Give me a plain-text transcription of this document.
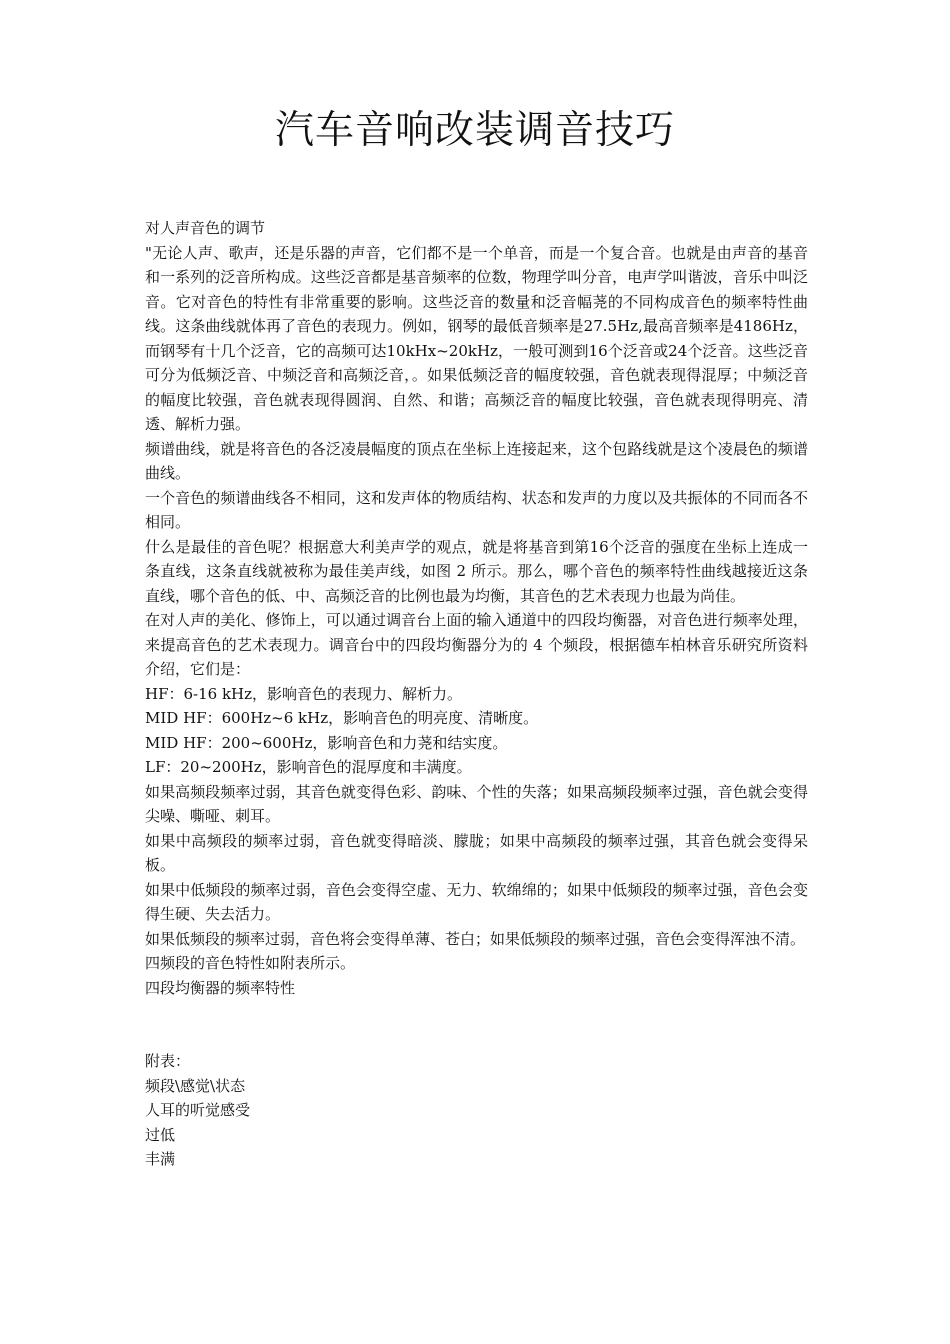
汽车音响改装调音技巧

对人声音色的调节

"无论人声、歌声，还是乐器的声音，它们都不是一个单音，而是一个复合音。也就是由声音的基音和一系列的泛音所构成。这些泛音都是基音频率的位数，物理学叫分音，电声学叫谐波，音乐中叫泛音。它对音色的特性有非常重要的影响。这些泛音的数量和泛音幅荛的不同构成音色的频率特性曲线。这条曲线就体再了音色的表现力。例如，钢琴的最低音频率是27.5Hz,最高音频率是4186Hz，而钢琴有十几个泛音，它的高频可达10kHx~20kHz，一般可测到16个泛音或24个泛音。这些泛音可分为低频泛音、中频泛音和高频泛音，。如果低频泛音的幅度较强，音色就表现得混厚；中频泛音的幅度比较强，音色就表现得圆润、自然、和谐；高频泛音的幅度比较强，音色就表现得明亮、清透、解析力强。

频谱曲线，就是将音色的各泛凌晨幅度的顶点在坐标上连接起来，这个包路线就是这个凌晨色的频谱曲线。

一个音色的频谱曲线各不相同，这和发声体的物质结构、状态和发声的力度以及共振体的不同而各不相同。

什么是最佳的音色呢？根据意大利美声学的观点，就是将基音到第16个泛音的强度在坐标上连成一条直线，这条直线就被称为最佳美声线，如图 2 所示。那么，哪个音色的频率特性曲线越接近这条直线，哪个音色的低、中、高频泛音的比例也最为均衡，其音色的艺术表现力也最为尚佳。

在对人声的美化、修饰上，可以通过调音台上面的输入通道中的四段均衡器，对音色进行频率处理，来提高音色的艺术表现力。调音台中的四段均衡器分为的 4 个频段，根据德车柏林音乐研究所资料介绍，它们是：

HF：6-16 kHz，影响音色的表现力、解析力。

MID HF：600Hz~6 kHz，影响音色的明亮度、清晰度。

MID HF：200~600Hz，影响音色和力荛和结实度。

LF：20~200Hz，影响音色的混厚度和丰满度。

如果高频段频率过弱，其音色就变得色彩、韵味、个性的失落；如果高频段频率过强，音色就会变得尖噪、嘶哑、刺耳。

如果中高频段的频率过弱，音色就变得暗淡、朦胧；如果中高频段的频率过强，其音色就会变得呆板。

如果中低频段的频率过弱，音色会变得空虚、无力、软绵绵的；如果中低频段的频率过强，音色会变得生硬、失去活力。

如果低频段的频率过弱，音色将会变得单薄、苍白；如果低频段的频率过强，音色会变得浑浊不清。

四频段的音色特性如附表所示。

四段均衡器的频率特性

附表：

频段\感觉\状态

人耳的听觉感受

过低

丰满
